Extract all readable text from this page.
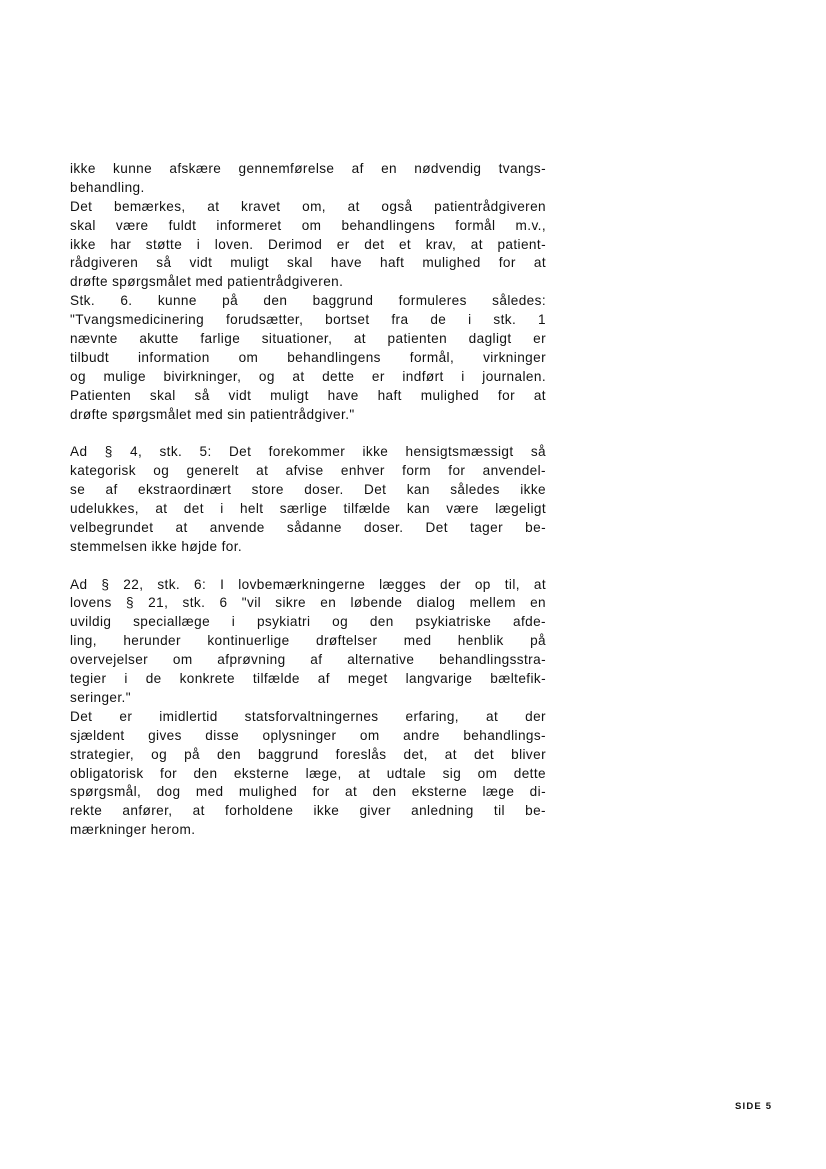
ikke kunne afskære gennemførelse af en nødvendig tvangs-
behandling.
Det bemærkes, at kravet om, at også patientrådgiveren
skal være fuldt informeret om behandlingens formål m.v.,
ikke har støtte i loven. Derimod er det et krav, at patient-
rådgiveren så vidt muligt skal have haft mulighed for at
drøfte spørgsmålet med patientrådgiveren.
Stk. 6. kunne på den baggrund formuleres således:
"Tvangsmedicinering forudsætter, bortset fra de i stk. 1
nævnte akutte farlige situationer, at patienten dagligt er
tilbudt information om behandlingens formål, virkninger
og mulige bivirkninger, og at dette er indført i journalen.
Patienten skal så vidt muligt have haft mulighed for at
drøfte spørgsmålet med sin patientrådgiver."
Ad § 4, stk. 5: Det forekommer ikke hensigtsmæssigt så
kategorisk og generelt at afvise enhver form for anvendel-
se af ekstraordinært store doser. Det kan således ikke
udelukkes, at det i helt særlige tilfælde kan være lægeligt
velbegrundet at anvende sådanne doser. Det tager be-
stemmelsen ikke højde for.
Ad § 22, stk. 6: I lovbemærkningerne lægges der op til, at
lovens § 21, stk. 6 "vil sikre en løbende dialog mellem en
uvildig speciallæge i psykiatri og den psykiatriske afde-
ling, herunder kontinuerlige drøftelser med henblik på
overvejelser om afprøvning af alternative behandlingsstra-
tegier i de konkrete tilfælde af meget langvarige bæltefik-
seringer."
Det er imidlertid statsforvaltningernes erfaring, at der
sjældent gives disse oplysninger om andre behandlings-
strategier, og på den baggrund foreslås det, at det bliver
obligatorisk for den eksterne læge, at udtale sig om dette
spørgsmål, dog med mulighed for at den eksterne læge di-
rekte anfører, at forholdene ikke giver anledning til be-
mærkninger herom.
SIDE 5
